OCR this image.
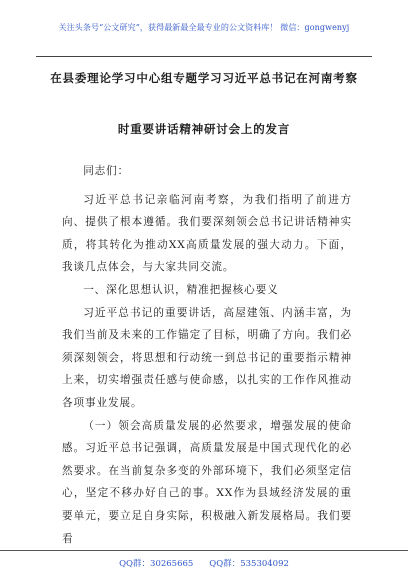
关注头条号“公文研究”，获得最新最全最专业的公文资料库！ 微信：gongwenyj
在县委理论学习中心组专题学习习近平总书记在河南考察
时重要讲话精神研讨会上的发言

同志们：

习近平总书记亲临河南考察，为我们指明了前进方向、提供了根本遵循。我们要深刻领会总书记讲话精神实质，将其转化为推动XX高质量发展的强大动力。下面，我谈几点体会，与大家共同交流。

一、深化思想认识，精准把握核心要义

习近平总书记的重要讲话，高屋建瓴、内涵丰富，为我们当前及未来的工作锚定了目标，明确了方向。我们必须深刻领会，将思想和行动统一到总书记的重要指示精神上来，切实增强责任感与使命感，以扎实的工作作风推动各项事业发展。

（一）领会高质量发展的必然要求，增强发展的使命感。习近平总书记强调，高质量发展是中国式现代化的必然要求。在当前复杂多变的外部环境下，我们必须坚定信心，坚定不移办好自己的事。XX作为县域经济发展的重要单元，要立足自身实际，积极融入新发展格局。我们要看

QQ群：30265665 QQ群：535304092
